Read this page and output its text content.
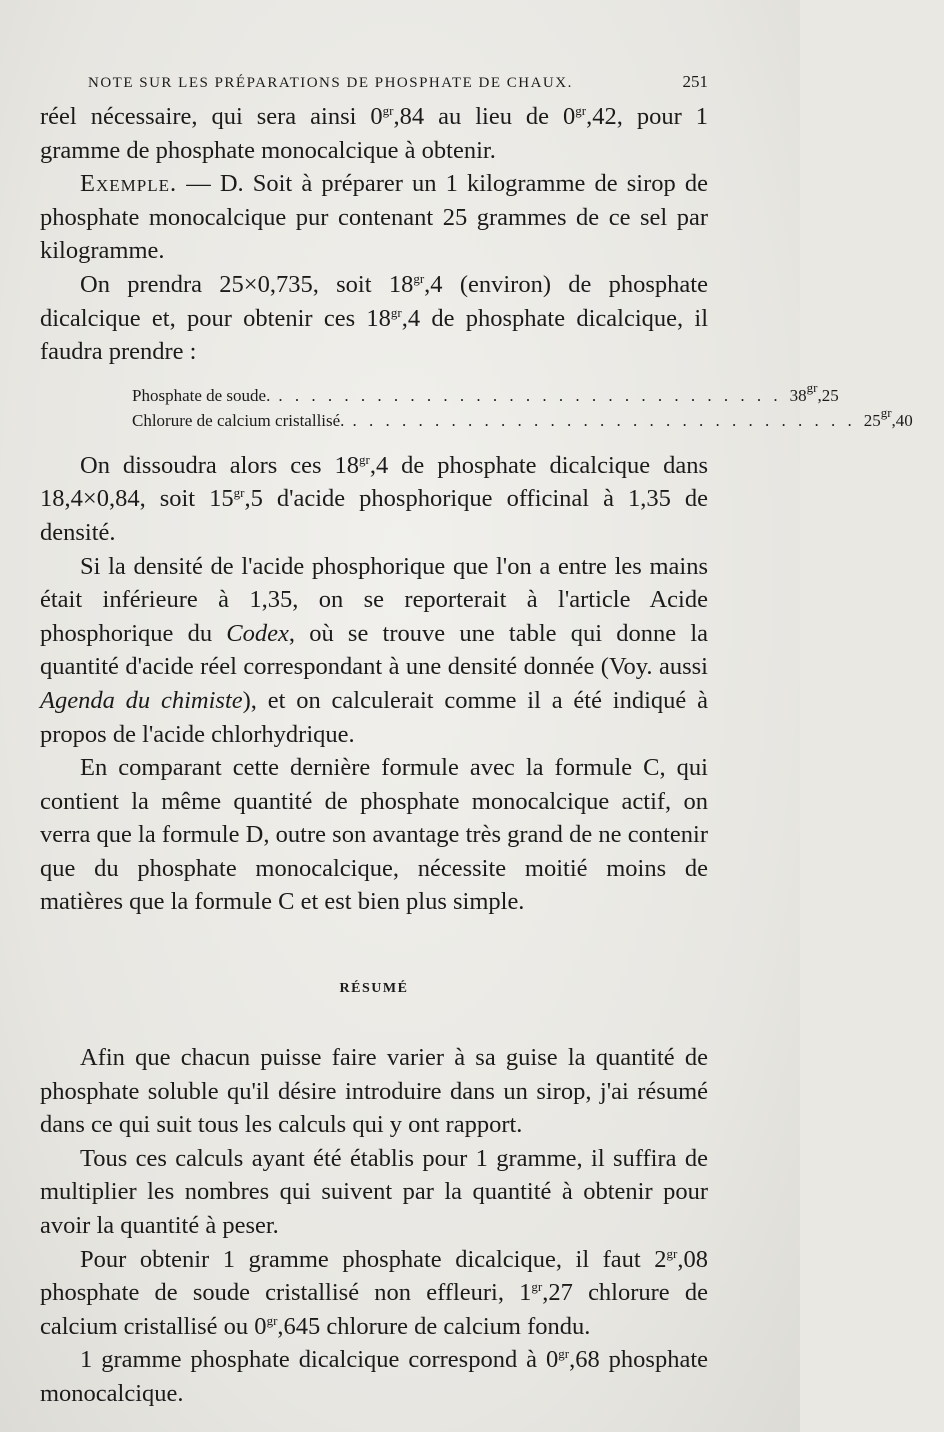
NOTE SUR LES PRÉPARATIONS DE PHOSPHATE DE CHAUX.	251

réel nécessaire, qui sera ainsi $0^{gr},84$ au lieu de $0^{gr},42$, pour 1 gramme de phosphate monocalcique à obtenir.

Exemple. — D. Soit à préparer un 1 kilogramme de sirop de phosphate monocalcique pur contenant 25 grammes de ce sel par kilogramme.

On prendra 25×0,735, soit $18^{gr},4$ (environ) de phosphate dicalcique et, pour obtenir ces $18^{gr},4$ de phosphate dicalcique, il faudra prendre :

Phosphate de soude. . . . . . . . . . . . . . . . . . . . . . . . . . . . . . . . $38^{gr},25$
Chlorure de calcium cristallisé. . . . . . . . . . . . . . . . . . . . . . . . . . . . . . . . $25^{gr},40$

On dissoudra alors ces $18^{gr},4$ de phosphate dicalcique dans 18,4×0,84, soit $15^{gr},5$ d'acide phosphorique officinal à 1,35 de densité.

Si la densité de l'acide phosphorique que l'on a entre les mains était inférieure à 1,35, on se reporterait à l'article Acide phosphorique du Codex, où se trouve une table qui donne la quantité d'acide réel correspondant à une densité donnée (Voy. aussi Agenda du chimiste), et on calculerait comme il a été indiqué à propos de l'acide chlorhydrique.

En comparant cette dernière formule avec la formule C, qui contient la même quantité de phosphate monocalcique actif, on verra que la formule D, outre son avantage très grand de ne contenir que du phosphate monocalcique, nécessite moitié moins de matières que la formule C et est bien plus simple.

RÉSUMÉ

Afin que chacun puisse faire varier à sa guise la quantité de phosphate soluble qu'il désire introduire dans un sirop, j'ai résumé dans ce qui suit tous les calculs qui y ont rapport.

Tous ces calculs ayant été établis pour 1 gramme, il suffira de multiplier les nombres qui suivent par la quantité à obtenir pour avoir la quantité à peser.

Pour obtenir 1 gramme phosphate dicalcique, il faut $2^{gr},08$ phosphate de soude cristallisé non effleuri, $1^{gr},27$ chlorure de calcium cristallisé ou $0^{gr},645$ chlorure de calcium fondu.

1 gramme phosphate dicalcique correspond à $0^{gr},68$ phosphate monocalcique.
